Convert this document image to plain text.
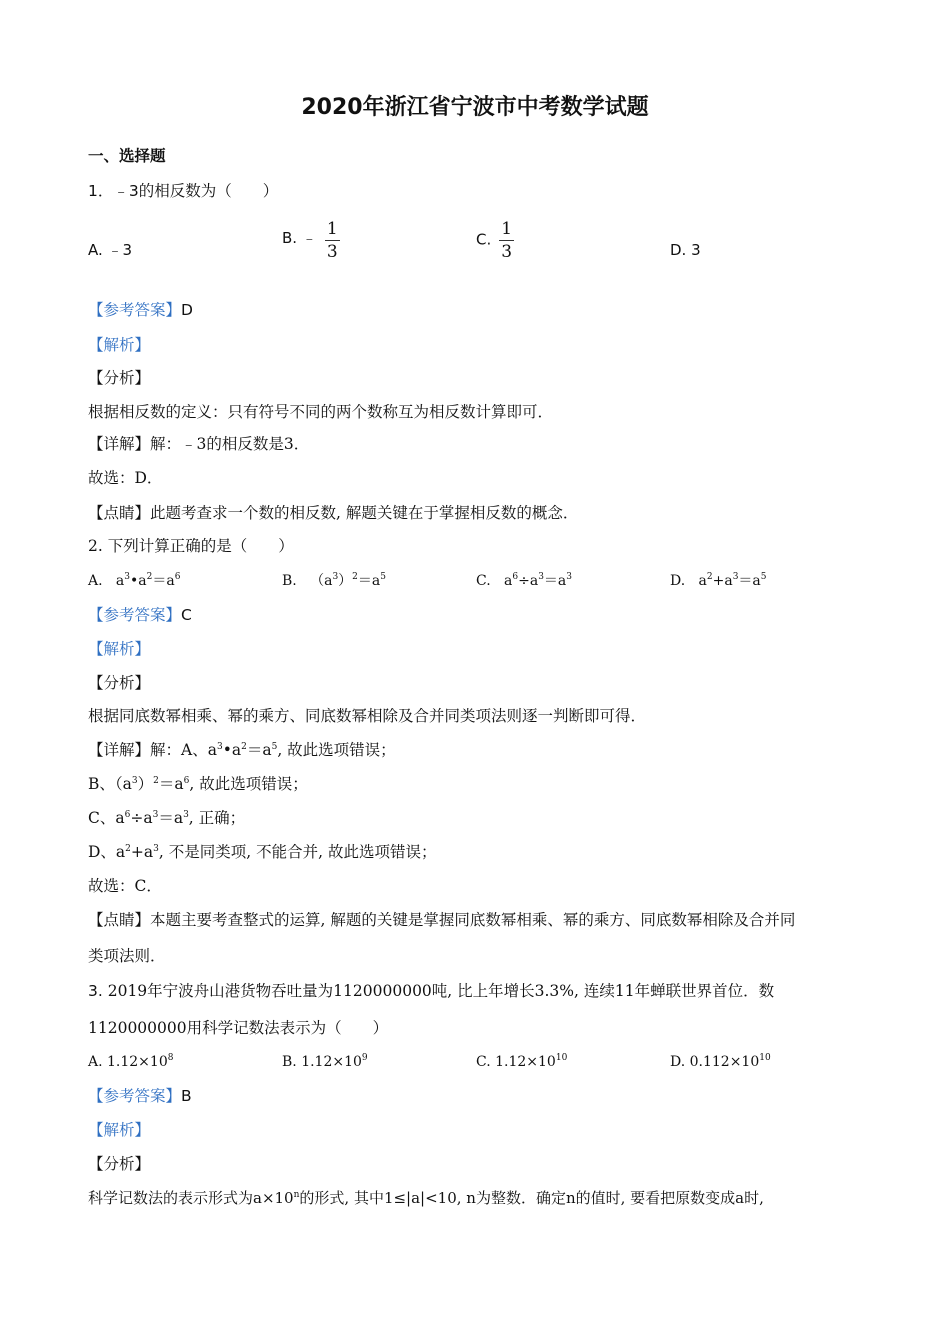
2020年浙江省宁波市中考数学试题
一、选择题
1．﹣3的相反数为（　　）
A. ﹣3
B. ﹣ $\frac{1}{3}$	C. $\frac{1}{3}$	D. 3
【参考答案】D
【解析】
【分析】
根据相反数的定义：只有符号不同的两个数称互为相反数计算即可．
【详解】解：﹣3的相反数是3．
故选：D．
【点睛】此题考查求一个数的相反数, 解题关键在于掌握相反数的概念．
2. 下列计算正确的是（　　）
A.   $a^3•a^2=a^6$	B.   $(a^3)^2=a^5$	C.   $a^6\div a^3=a^3$	D.   $a^2+a^3=a^5$
【参考答案】C
【解析】
【分析】
根据同底数幂相乘、幂的乘方、同底数幂相除及合并同类项法则逐一判断即可得．
【详解】解：A、$a^3•a^2=a^5$, 故此选项错误；
B、$(a^3)^2=a^6$, 故此选项错误；
C、$a^6\div a^3=a^3$, 正确；
D、$a^2+a^3$, 不是同类项, 不能合并, 故此选项错误；
故选：C．
【点睛】本题主要考查整式的运算, 解题的关键是掌握同底数幂相乘、幂的乘方、同底数幂相除及合并同
类项法则．
3. 2019年宁波舟山港货物吞吐量为1120000000吨, 比上年增长3.3%, 连续11年蝉联世界首位．数
1120000000用科学记数法表示为（　　）
A. $1.12\times 10^8$	B. $1.12\times 10^9$	C. $1.12\times 10^{10}$	D. $0.112\times 10^{10}$
【参考答案】B
【解析】
【分析】
科学记数法的表示形式为$a\times 10^n$的形式, 其中1≤|a|<10, n为整数．确定n的值时, 要看把原数变成a时,
